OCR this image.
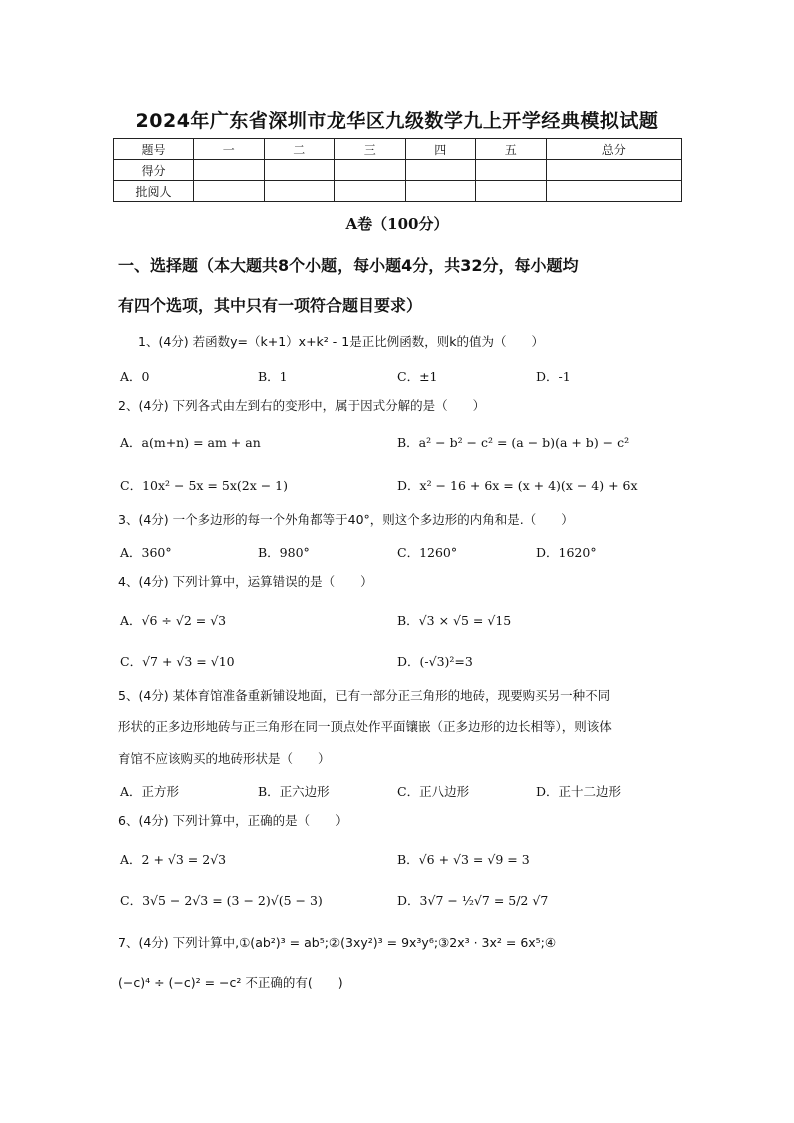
2024年广东省深圳市龙华区九级数学九上开学经典模拟试题
题号	一	二	三	四	五	总分
得分						
批阅人						
A卷（100分）
一、选择题（本大题共8个小题，每小题4分，共32分，每小题均
有四个选项，其中只有一项符合题目要求）
1、(4分) 若函数y=（k+1）x+k² - 1是正比例函数，则k的值为（　　）
A．0	B．1	C．±1	D．-1
2、(4分) 下列各式由左到右的变形中，属于因式分解的是（　　）
A．a(m+n) = am + an	B．a² − b² − c² = (a − b)(a + b) − c²
C．10x² − 5x = 5x(2x − 1)	D．x² − 16 + 6x = (x + 4)(x − 4) + 6x
3、(4分) 一个多边形的每一个外角都等于40°，则这个多边形的内角和是.（　　）
A．360°	B．980°	C．1260°	D．1620°
4、(4分) 下列计算中，运算错误的是（　　）
A．√6 ÷ √2 = √3	B．√3 × √5 = √15
C．√7 + √3 = √10	D．(-√3)²=3
5、(4分) 某体育馆准备重新铺设地面，已有一部分正三角形的地砖，现要购买另一种不同
形状的正多边形地砖与正三角形在同一顶点处作平面镶嵌（正多边形的边长相等），则该体
育馆不应该购买的地砖形状是（　　）
A．正方形	B．正六边形	C．正八边形	D．正十二边形
6、(4分) 下列计算中，正确的是（　　）
A．2 + √3 = 2√3	B．√6 + √3 = √9 = 3
C．3√5 − 2√3 = (3 − 2)√(5 − 3)	D．3√7 − ½√7 = 5/2 √7
7、(4分) 下列计算中,①(ab²)³ = ab⁵;②(3xy²)³ = 9x³y⁶;③2x³ · 3x² = 6x⁵;④
(−c)⁴ ÷ (−c)² = −c² 不正确的有(　　)
